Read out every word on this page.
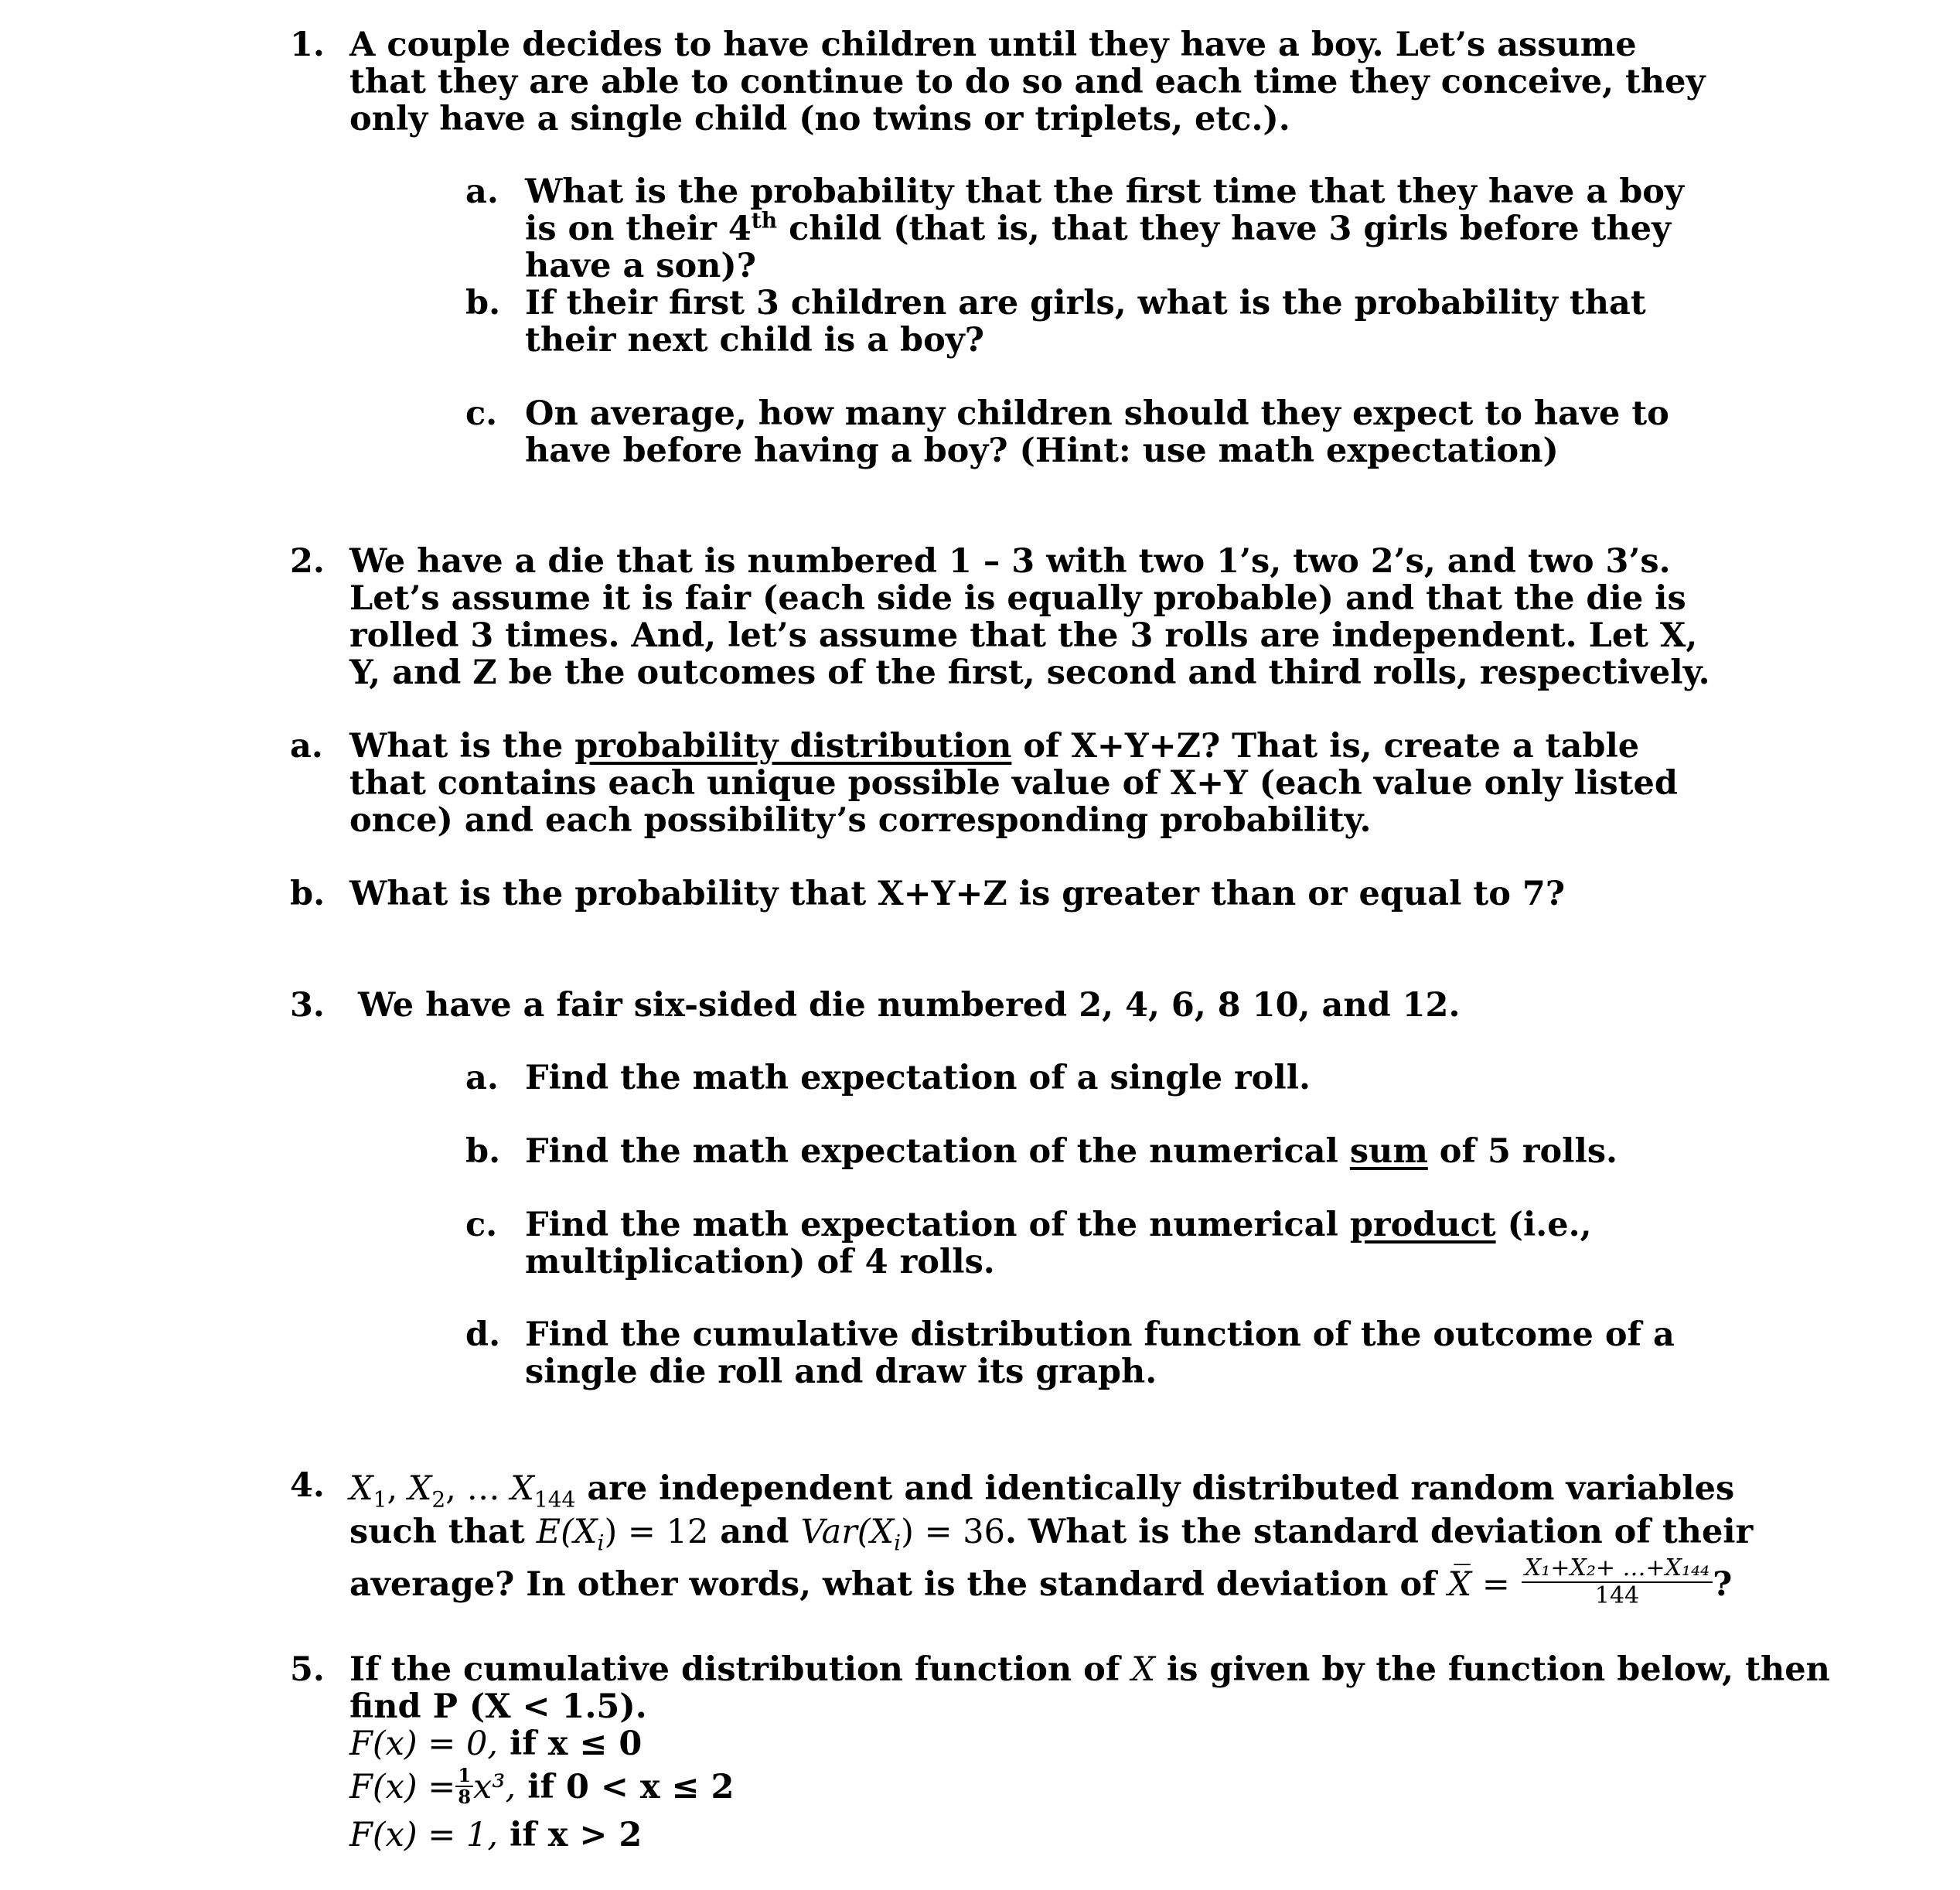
1. A couple decides to have children until they have a boy. Let’s assume that they are able to continue to do so and each time they conceive, they only have a single child (no twins or triplets, etc.).
a. What is the probability that the first time that they have a boy is on their 4th child (that is, that they have 3 girls before they have a son)?
b. If their first 3 children are girls, what is the probability that their next child is a boy?
c. On average, how many children should they expect to have to have before having a boy? (Hint: use math expectation)
2. We have a die that is numbered 1 – 3 with two 1’s, two 2’s, and two 3’s. Let’s assume it is fair (each side is equally probable) and that the die is rolled 3 times. And, let’s assume that the 3 rolls are independent. Let X, Y, and Z be the outcomes of the first, second and third rolls, respectively.
a. What is the probability distribution of X+Y+Z? That is, create a table that contains each unique possible value of X+Y (each value only listed once) and each possibility’s corresponding probability.
b. What is the probability that X+Y+Z is greater than or equal to 7?
3. We have a fair six-sided die numbered 2, 4, 6, 8 10, and 12.
a. Find the math expectation of a single roll.
b. Find the math expectation of the numerical sum of 5 rolls.
c. Find the math expectation of the numerical product (i.e., multiplication) of 4 rolls.
d. Find the cumulative distribution function of the outcome of a single die roll and draw its graph.
4. $X_1$, $X_2$, … $X_{144}$ are independent and identically distributed random variables
such that $E(X_i) = 12$ and $Var(X_i) = 36$. What is the standard deviation of their
average? In other words, what is the standard deviation of X̅ = $\frac{\text{X₁+X₂+ …+X₁₄₄}}{144}$ ?
5. If the cumulative distribution function of X is given by the function below, then
find P (X < 1.5).
F(x) = 0, if x ≤ 0
$F(x) = \frac{1}{8} x^3$, if 0 < x ≤ 2
F(x) = 1, if x > 2
